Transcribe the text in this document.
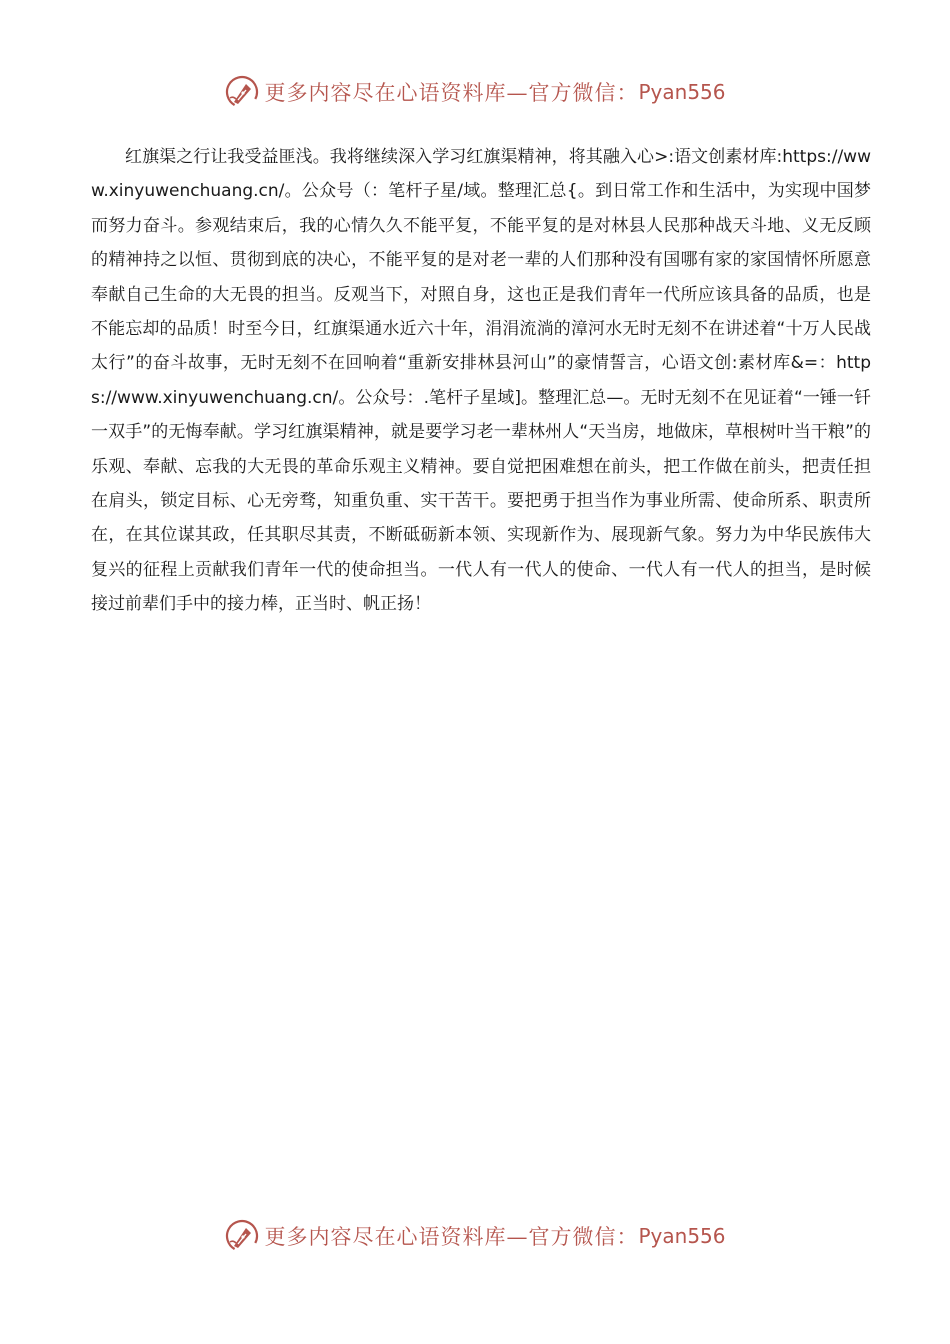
更多内容尽在心语资料库—官方微信： Pyan556

红旗渠之行让我受益匪浅。我将继续深入学习红旗渠精神，将其融入心>:语文创素材库:https://www.xinyuwenchuang.cn/。公众号（：笔杆子星/域。整理汇总{。到日常工作和生活中，为实现中国梦而努力奋斗。参观结束后，我的心情久久不能平复，不能平复的是对林县人民那种战天斗地、义无反顾的精神持之以恒、贯彻到底的决心，不能平复的是对老一辈的人们那种没有国哪有家的家国情怀所愿意奉献自己生命的大无畏的担当。反观当下，对照自身，这也正是我们青年一代所应该具备的品质，也是不能忘却的品质！时至今日，红旗渠通水近六十年，涓涓流淌的漳河水无时无刻不在讲述着“十万人民战太行”的奋斗故事，无时无刻不在回响着“重新安排林县河山”的豪情誓言，心语文创:素材库&=：https://www.xinyuwenchuang.cn/。公众号：.笔杆子星域]。整理汇总—。无时无刻不在见证着“一锤一钎一双手”的无悔奉献。学习红旗渠精神，就是要学习老一辈林州人“天当房，地做床，草根树叶当干粮”的乐观、奉献、忘我的大无畏的革命乐观主义精神。要自觉把困难想在前头，把工作做在前头，把责任担在肩头，锁定目标、心无旁骛，知重负重、实干苦干。要把勇于担当作为事业所需、使命所系、职责所在，在其位谋其政，任其职尽其责，不断砥砺新本领、实现新作为、展现新气象。努力为中华民族伟大复兴的征程上贡献我们青年一代的使命担当。一代人有一代人的使命、一代人有一代人的担当，是时候接过前辈们手中的接力棒，正当时、帆正扬！

更多内容尽在心语资料库—官方微信： Pyan556
